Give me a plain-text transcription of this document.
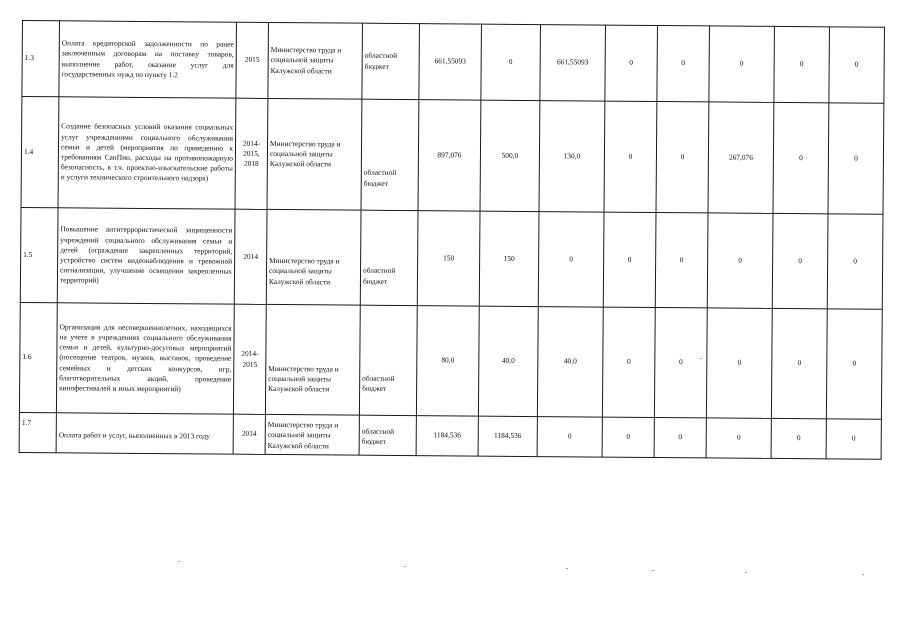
1.3	Оплата кредиторской задолженности по ранее заключенным договорам на поставку товаров, выполнение работ, оказание услуг для государственных нужд по пункту 1.2	2015	Министерство труда и социальной защиты Калужской области	областной бюджет	661,55093	0	661,55093	0	0	0	0	0
1.4	Создание безопасных условий оказания социальных услуг учреждениями социального обслуживания семьи и детей (мероприятия по приведению к требованиям СанПин, расходы на противопожарную безопасность, в т.ч. проектно-изыскательские работы и услуги технического строительного надзора)	2014-2015, 2018	Министерство труда и социальной защиты Калужской области	областной бюджет	897,076	500,0	130,0	0	0	267,076	0	0
1.5	Повышение антитеррористической защищенности учреждений социального обслуживания семьи и детей (ограждение закрепленных территорий, устройство систем видеонаблюдения и тревожной сигнализации, улучшение освещения закрепленных территорий)	2014	Министерство труда и социальной защиты Калужской области	областной бюджет	150	150	0	0	0	0	0	0
1.6	Организация для несовершеннолетних, находящихся на учете в учреждениях социального обслуживания семьи и детей, культурно-досуговых мероприятий (посещение театров, музеев, выставок, проведение семейных и детских конкурсов, игр, благотворительных акций, проведение кинофестивалей и иных мероприятий)	2014-2015	Министерство труда и социальной защиты Калужской области	областной бюджет	80,0	40,0	40,0	0	0	0	0	0
1.7	Оплата работ и услуг, выполненных в 2013 году	2014	Министерство труда и социальной защиты Калужской области	областной бюджет	1184,536	1184,536	0	0	0	0	0	0
